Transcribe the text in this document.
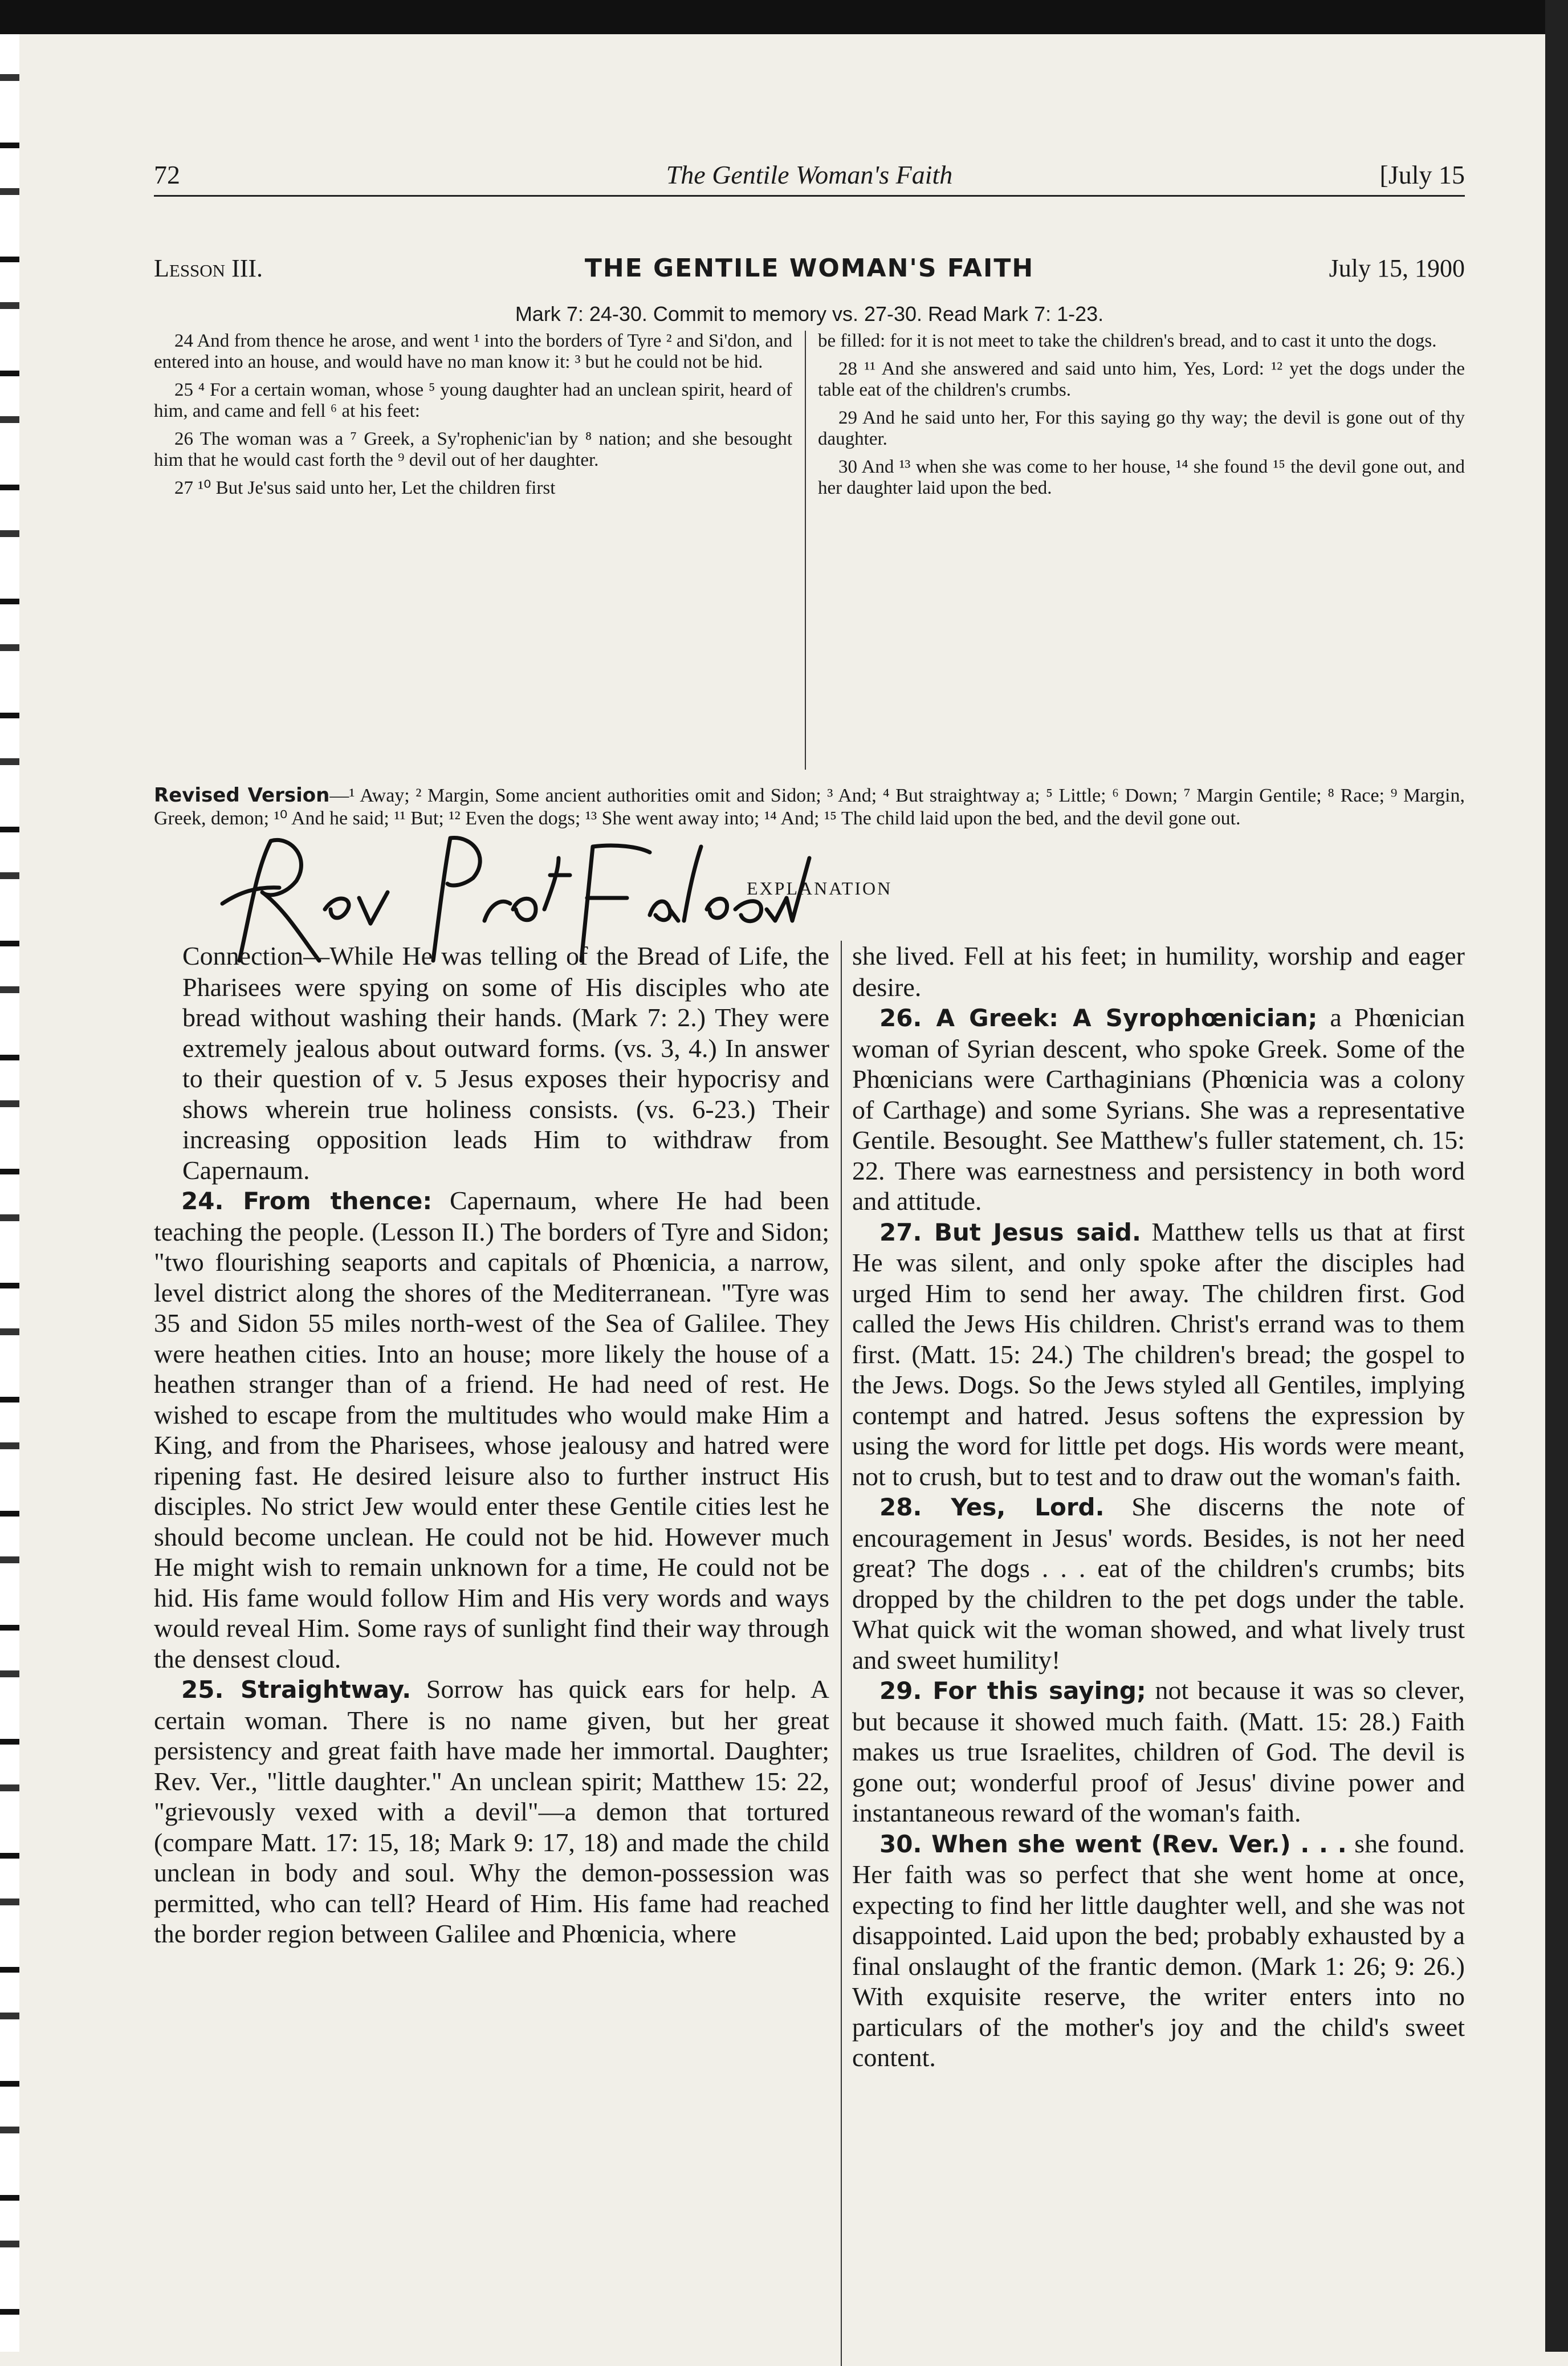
72	The Gentile Woman's Faith	[July 15
Lesson III.	THE GENTILE WOMAN'S FAITH	July 15, 1900
Mark 7: 24-30. Commit to memory vs. 27-30. Read Mark 7: 1-23.

24 And from thence he arose, and went ¹ into the borders of Tyre ² and Si'don, and entered into an house, and would have no man know it: ³ but he could not be hid.

25 ⁴ For a certain woman, whose ⁵ young daughter had an unclean spirit, heard of him, and came and fell ⁶ at his feet:

26 The woman was a ⁷ Greek, a Sy'rophenic'ian by ⁸ nation; and she besought him that he would cast forth the ⁹ devil out of her daughter.

27 ¹⁰ But Je'sus said unto her, Let the children first

be filled: for it is not meet to take the children's bread, and to cast it unto the dogs.

28 ¹¹ And she answered and said unto him, Yes, Lord: ¹² yet the dogs under the table eat of the children's crumbs.

29 And he said unto her, For this saying go thy way; the devil is gone out of thy daughter.

30 And ¹³ when she was come to her house, ¹⁴ she found ¹⁵ the devil gone out, and her daughter laid upon the bed.

Revised Version—¹ Away; ² Margin, Some ancient authorities omit and Sidon; ³ And; ⁴ But straightway a; ⁵ Little; ⁶ Down; ⁷ Margin Gentile; ⁸ Race; ⁹ Margin, Greek, demon; ¹⁰ And he said; ¹¹ But; ¹² Even the dogs; ¹³ She went away into; ¹⁴ And; ¹⁵ The child laid upon the bed, and the devil gone out.
EXPLANATION

Connection—While He was telling of the Bread of Life, the Pharisees were spying on some of His disciples who ate bread without washing their hands. (Mark 7: 2.) They were extremely jealous about outward forms. (vs. 3, 4.) In answer to their question of v. 5 Jesus exposes their hypocrisy and shows wherein true holiness consists. (vs. 6-23.) Their increasing opposition leads Him to withdraw from Capernaum.

24. From thence: Capernaum, where He had been teaching the people. (Lesson II.) The borders of Tyre and Sidon; "two flourishing seaports and capitals of Phœnicia, a narrow, level district along the shores of the Mediterranean. "Tyre was 35 and Sidon 55 miles north-west of the Sea of Galilee. They were heathen cities. Into an house; more likely the house of a heathen stranger than of a friend. He had need of rest. He wished to escape from the multitudes who would make Him a King, and from the Pharisees, whose jealousy and hatred were ripening fast. He desired leisure also to further instruct His disciples. No strict Jew would enter these Gentile cities lest he should become unclean. He could not be hid. However much He might wish to remain unknown for a time, He could not be hid. His fame would follow Him and His very words and ways would reveal Him. Some rays of sunlight find their way through the densest cloud.

25. Straightway. Sorrow has quick ears for help. A certain woman. There is no name given, but her great persistency and great faith have made her immortal. Daughter; Rev. Ver., "little daughter." An unclean spirit; Matthew 15: 22, "grievously vexed with a devil"—a demon that tortured (compare Matt. 17: 15, 18; Mark 9: 17, 18) and made the child unclean in body and soul. Why the demon-possession was permitted, who can tell? Heard of Him. His fame had reached the border region between Galilee and Phœnicia, where

she lived. Fell at his feet; in humility, worship and eager desire.

26. A Greek: A Syrophœnician; a Phœnician woman of Syrian descent, who spoke Greek. Some of the Phœnicians were Carthaginians (Phœnicia was a colony of Carthage) and some Syrians. She was a representative Gentile. Besought. See Matthew's fuller statement, ch. 15: 22. There was earnestness and persistency in both word and attitude.

27. But Jesus said. Matthew tells us that at first He was silent, and only spoke after the disciples had urged Him to send her away. The children first. God called the Jews His children. Christ's errand was to them first. (Matt. 15: 24.) The children's bread; the gospel to the Jews. Dogs. So the Jews styled all Gentiles, implying contempt and hatred. Jesus softens the expression by using the word for little pet dogs. His words were meant, not to crush, but to test and to draw out the woman's faith.

28. Yes, Lord. She discerns the note of encouragement in Jesus' words. Besides, is not her need great? The dogs . . . eat of the children's crumbs; bits dropped by the children to the pet dogs under the table. What quick wit the woman showed, and what lively trust and sweet humility!

29. For this saying; not because it was so clever, but because it showed much faith. (Matt. 15: 28.) Faith makes us true Israelites, children of God. The devil is gone out; wonderful proof of Jesus' divine power and instantaneous reward of the woman's faith.

30. When she went (Rev. Ver.) . . . she found. Her faith was so perfect that she went home at once, expecting to find her little daughter well, and she was not disappointed. Laid upon the bed; probably exhausted by a final onslaught of the frantic demon. (Mark 1: 26; 9: 26.) With exquisite reserve, the writer enters into no particulars of the mother's joy and the child's sweet content.
